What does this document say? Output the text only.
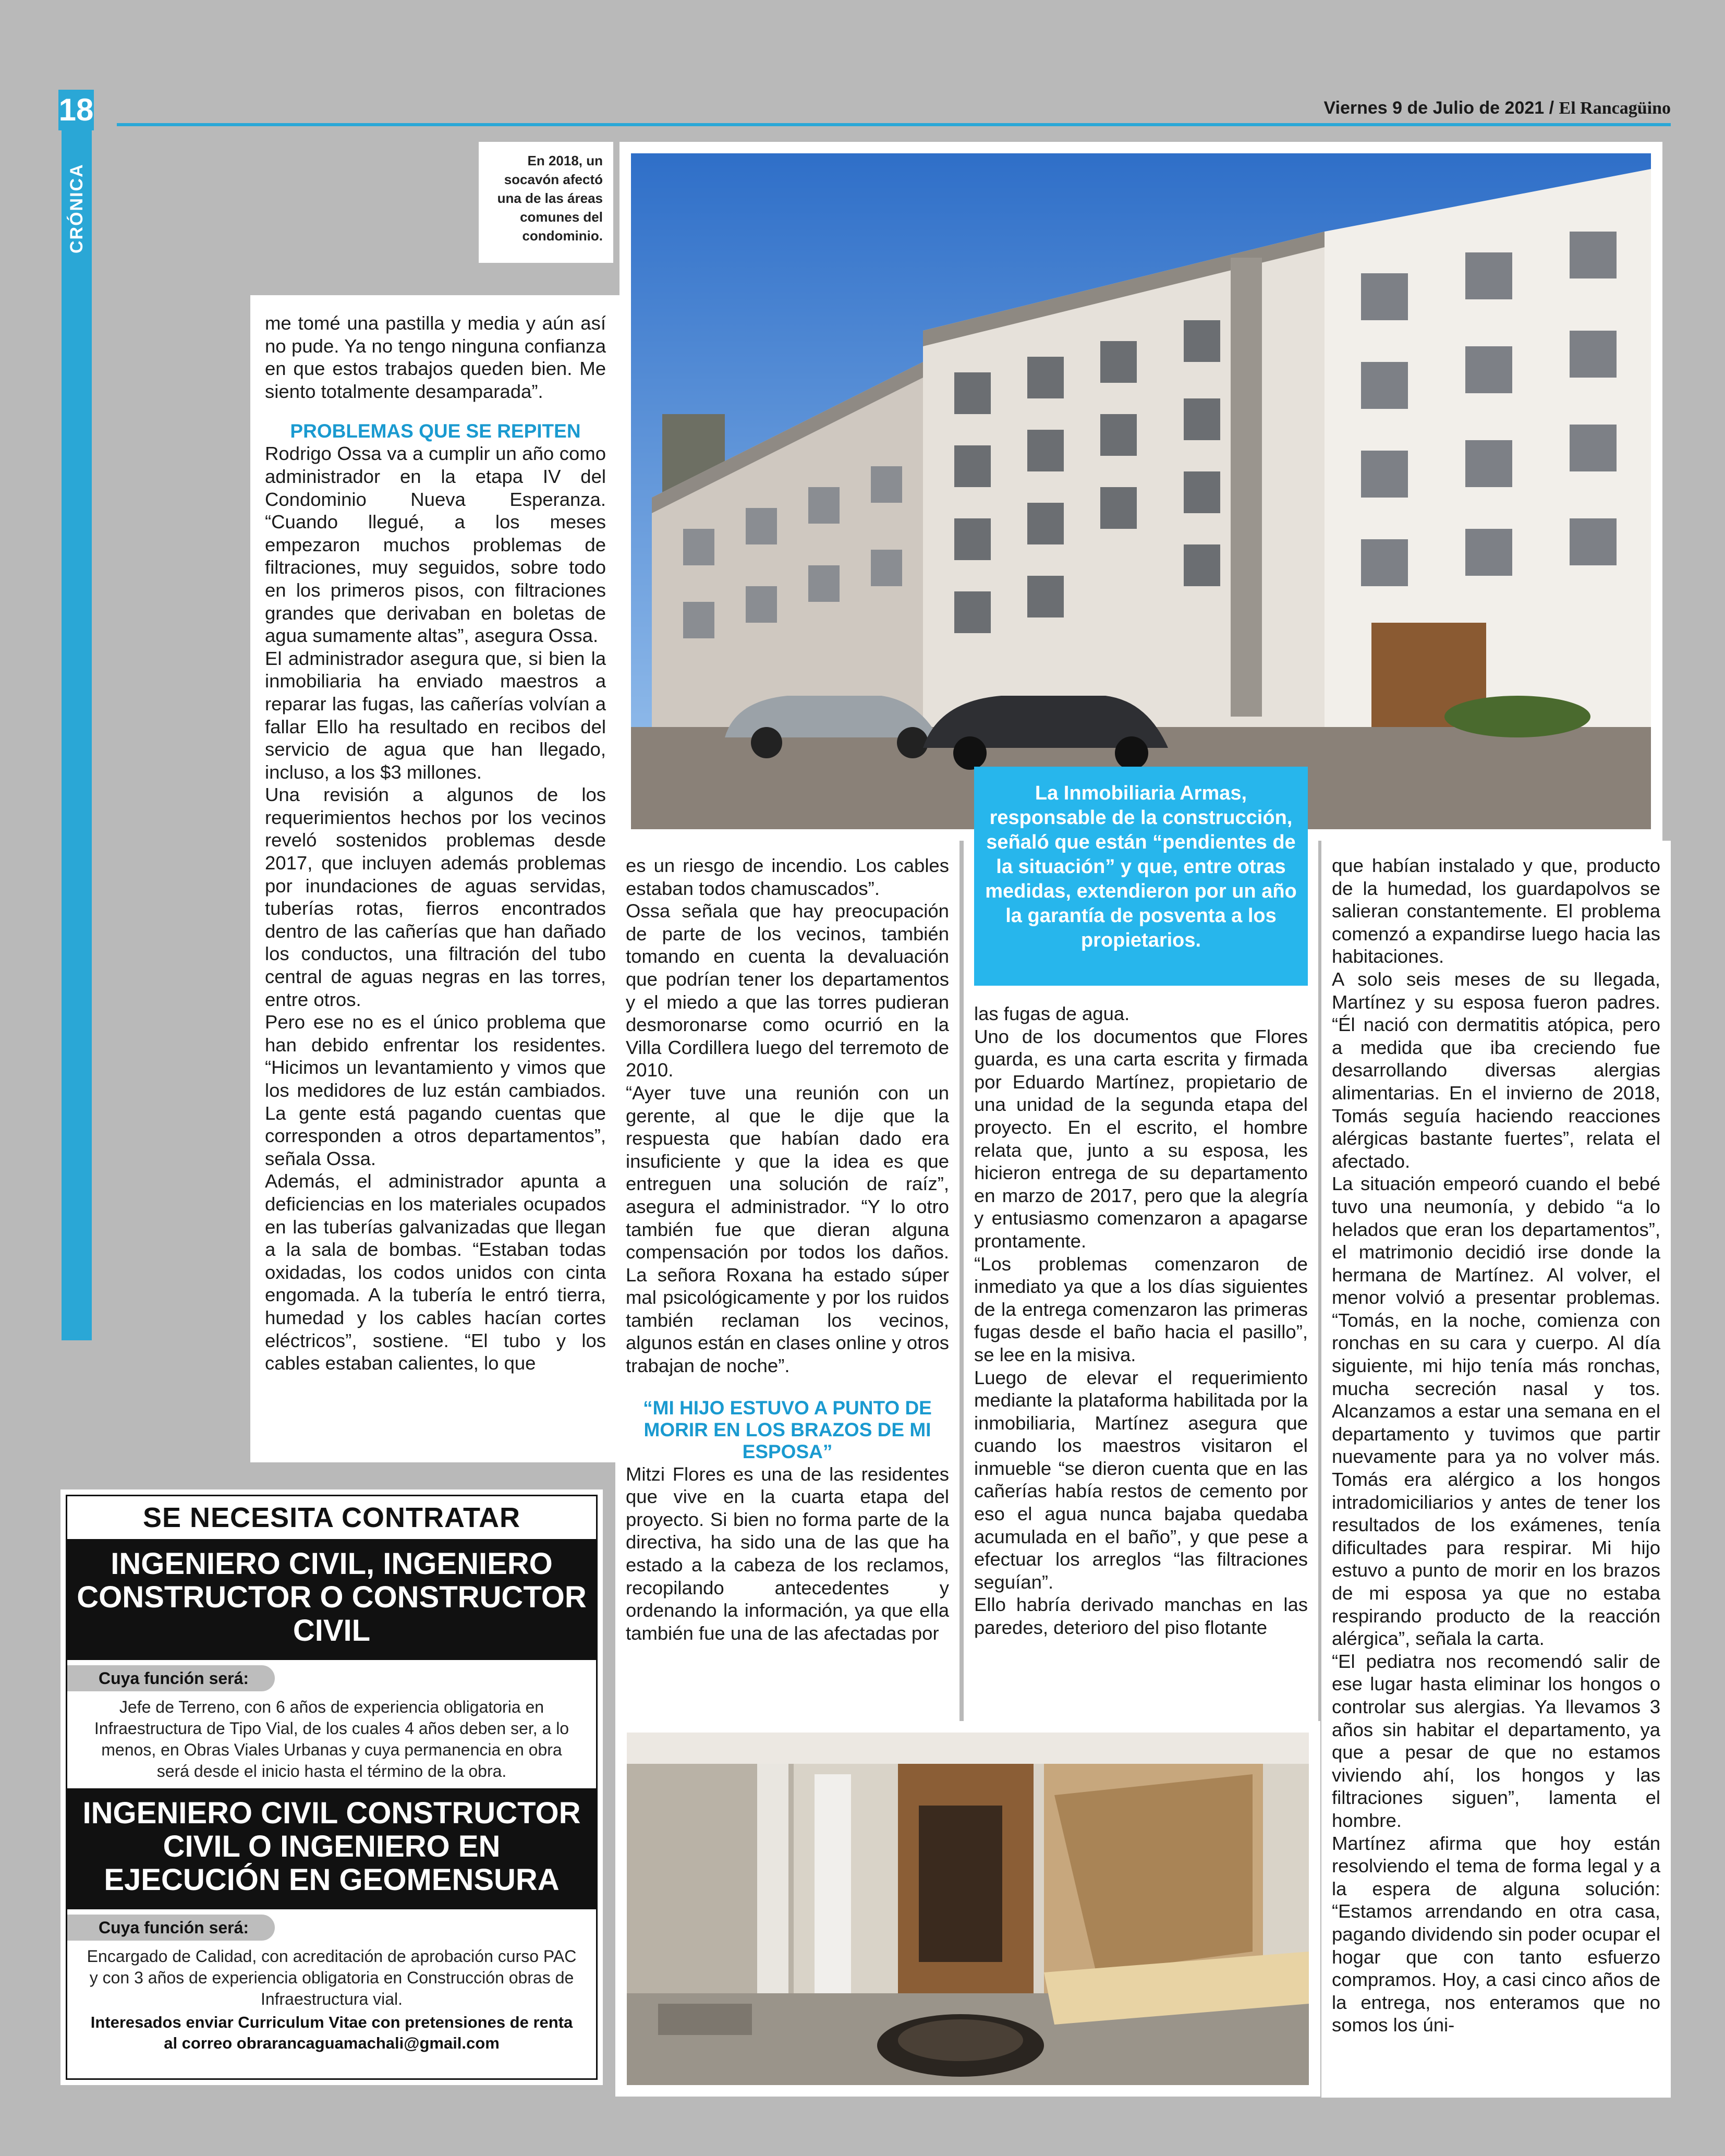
18
CRÓNICA
Viernes 9 de Julio de 2021 / El Rancagüino
En 2018, un socavón afectó una de las áreas comunes del condominio.

me tomé una pastilla y media y aún así no pude. Ya no tengo ninguna confianza en que estos trabajos queden bien. Me siento totalmente desamparada”.

PROBLEMAS QUE SE REPITEN

Rodrigo Ossa va a cumplir un año como administrador en la etapa IV del Condominio Nueva Esperanza. “Cuando llegué, a los meses empezaron muchos problemas de filtraciones, muy seguidos, sobre todo en los primeros pisos, con filtraciones grandes que derivaban en boletas de agua sumamente altas”, asegura Ossa.

El administrador asegura que, si bien la inmobiliaria ha enviado maestros a reparar las fugas, las cañerías volvían a fallar Ello ha resultado en recibos del servicio de agua que han llegado, incluso, a los $3 millones.

Una revisión a algunos de los requerimientos hechos por los vecinos reveló sostenidos problemas desde 2017, que incluyen además problemas por inundaciones de aguas servidas, tuberías rotas, fierros encontrados dentro de las cañerías que han dañado los conductos, una filtración del tubo central de aguas negras en las torres, entre otros.

Pero ese no es el único problema que han debido enfrentar los residentes. “Hicimos un levantamiento y vimos que los medidores de luz están cambiados. La gente está pagando cuentas que corresponden a otros departamentos”, señala Ossa.

Además, el administrador apunta a deficiencias en los materiales ocupados en las tuberías galvanizadas que llegan a la sala de bombas. “Estaban todas oxidadas, los codos unidos con cinta engomada. A la tubería le entró tierra, humedad y los cables hacían cortes eléctricos”, sostiene. “El tubo y los cables estaban calientes, lo que

es un riesgo de incendio. Los cables estaban todos chamuscados”.

Ossa señala que hay preocupación de parte de los vecinos, también tomando en cuenta la devaluación que podrían tener los departamentos y el miedo a que las torres pudieran desmoronarse como ocurrió en la Villa Cordillera luego del terremoto de 2010.

“Ayer tuve una reunión con un gerente, al que le dije que la respuesta que habían dado era insuficiente y que la idea es que entreguen una solución de raíz”, asegura el administrador. “Y lo otro también fue que dieran alguna compensación por todos los daños. La señora Roxana ha estado súper mal psicológicamente y por los ruidos también reclaman los vecinos, algunos están en clases online y otros trabajan de noche”.

“MI HIJO ESTUVO A PUNTO DE MORIR EN LOS BRAZOS DE MI ESPOSA”

Mitzi Flores es una de las residentes que vive en la cuarta etapa del proyecto. Si bien no forma parte de la directiva, ha sido una de las que ha estado a la cabeza de los reclamos, recopilando antecedentes y ordenando la información, ya que ella también fue una de las afectadas por

La Inmobiliaria Armas, responsable de la construcción, señaló que están “pendientes de la situación” y que, entre otras medidas, extendieron por un año la garantía de posventa a los propietarios.

las fugas de agua.

Uno de los documentos que Flores guarda, es una carta escrita y firmada por Eduardo Martínez, propietario de una unidad de la segunda etapa del proyecto. En el escrito, el hombre relata que, junto a su esposa, les hicieron entrega de su departamento en marzo de 2017, pero que la alegría y entusiasmo comenzaron a apagarse prontamente.

“Los problemas comenzaron de inmediato ya que a los días siguientes de la entrega comenzaron las primeras fugas desde el baño hacia el pasillo”, se lee en la misiva.

Luego de elevar el requerimiento mediante la plataforma habilitada por la inmobiliaria, Martínez asegura que cuando los maestros visitaron el inmueble “se dieron cuenta que en las cañerías había restos de cemento por eso el agua nunca bajaba quedaba acumulada en el baño”, y que pese a efectuar los arreglos “las filtraciones seguían”.

Ello habría derivado manchas en las paredes, deterioro del piso flotante

que habían instalado y que, producto de la humedad, los guardapolvos se salieran constantemente. El problema comenzó a expandirse luego hacia las habitaciones.

A solo seis meses de su llegada, Martínez y su esposa fueron padres. “Él nació con dermatitis atópica, pero a medida que iba creciendo fue desarrollando diversas alergias alimentarias. En el invierno de 2018, Tomás seguía haciendo reacciones alérgicas bastante fuertes”, relata el afectado.

La situación empeoró cuando el bebé tuvo una neumonía, y debido “a lo helados que eran los departamentos”, el matrimonio decidió irse donde la hermana de Martínez. Al volver, el menor volvió a presentar problemas. “Tomás, en la noche, comienza con ronchas en su cara y cuerpo. Al día siguiente, mi hijo tenía más ronchas, mucha secreción nasal y tos. Alcanzamos a estar una semana en el departamento y tuvimos que partir nuevamente para ya no volver más. Tomás era alérgico a los hongos intradomiciliarios y antes de tener los resultados de los exámenes, tenía dificultades para respirar. Mi hijo estuvo a punto de morir en los brazos de mi esposa ya que no estaba respirando producto de la reacción alérgica”, señala la carta.

“El pediatra nos recomendó salir de ese lugar hasta eliminar los hongos o controlar sus alergias. Ya llevamos 3 años sin habitar el departamento, ya que a pesar de que no estamos viviendo ahí, los hongos y las filtraciones siguen”, lamenta el hombre.

Martínez afirma que hoy están resolviendo el tema de forma legal y a la espera de alguna solución: “Estamos arrendando en otra casa, pagando dividendo sin poder ocupar el hogar que con tanto esfuerzo compramos. Hoy, a casi cinco años de la entrega, nos enteramos que no somos los úni-

SE NECESITA CONTRATAR
INGENIERO CIVIL, INGENIERO CONSTRUCTOR O CONSTRUCTOR CIVIL
Cuya función será:
Jefe de Terreno, con 6 años de experiencia obligatoria en Infraestructura de Tipo Vial, de los cuales 4 años deben ser, a lo menos, en Obras Viales Urbanas y cuya permanencia en obra será desde el inicio hasta el término de la obra.
INGENIERO CIVIL CONSTRUCTOR CIVIL O INGENIERO EN EJECUCIÓN EN GEOMENSURA
Cuya función será:
Encargado de Calidad, con acreditación de aprobación curso PAC y con 3 años de experiencia obligatoria en Construcción obras de Infraestructura vial.
Interesados enviar Curriculum Vitae con pretensiones de renta al correo obrarancaguamachali@gmail.com
